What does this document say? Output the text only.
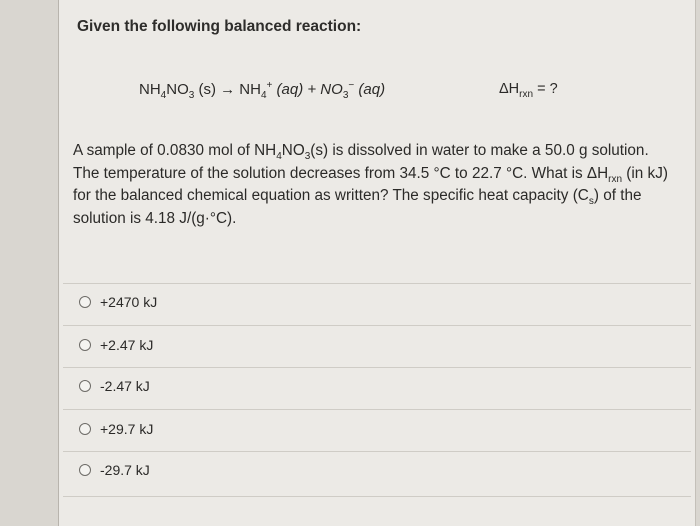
Given the following balanced reaction:
$NH_4NO_3$ $(s) \to NH_4^+$ $(aq) + NO_3^-$ (aq)	$\Delta H_{rxn}$ = ?
A sample of 0.0830 mol of $NH_4NO_3(s)$ is dissolved in water to make a 50.0 g solution. The temperature of the solution decreases from 34.5 °C to 22.7 °C. What is $\Delta H_{rxn}$ (in kJ) for the balanced chemical equation as written? The specific heat capacity $(C_s)$ of the solution is 4.18 J/(g·°C).
+2470 kJ
+2.47 kJ
-2.47 kJ
+29.7 kJ
-29.7 kJ
